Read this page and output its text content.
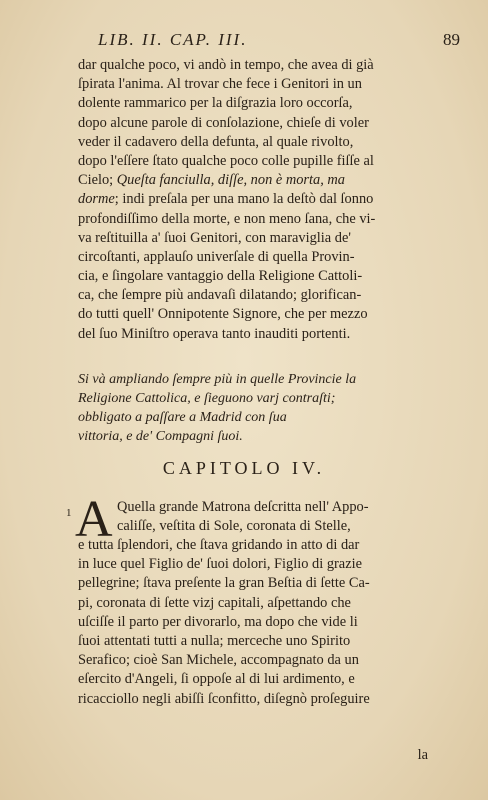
LIB. II. CAP. III.	89
dar qualche poco, vi andò in tempo, che avea di già
ſpirata l'anima. Al trovar che fece i Genitori in un
dolente rammarico per la diſgrazia loro occorſa,
dopo alcune parole di conſolazione, chieſe di voler
veder il cadavero della defunta, al quale rivolto,
dopo l'eſſere ſtato qualche poco colle pupille fiſſe al
Cielo; Queſta fanciulla, diſſe, non è morta, ma
dorme; indi preſala per una mano la deſtò dal ſonno
profondiſſimo della morte, e non meno ſana, che vi-
va reſtituilla a' ſuoi Genitori, con maraviglia de'
circoſtanti, applauſo univerſale di quella Provin-
cia, e ſingolare vantaggio della Religione Cattoli-
ca, che ſempre più andavaſi dilatando; glorifican-
do tutti quell' Onnipotente Signore, che per mezzo
del ſuo Miniſtro operava tanto inauditi portenti.
Si và ampliando ſempre più in quelle Provincie la
Religione Cattolica, e ſieguono varj contraſti;
obbligato a paſſare a Madrid con ſua
vittoria, e de' Compagni ſuoi.
CAPITOLO IV.
1 A Quella grande Matrona deſcritta nell' Appo-
caliſſe, veſtita di Sole, coronata di Stelle,
e tutta ſplendori, che ſtava gridando in atto di dar
in luce quel Figlio de' ſuoi dolori, Figlio di grazie
pellegrine; ſtava preſente la gran Beſtia di ſette Ca-
pi, coronata di ſette vizj capitali, aſpettando che
uſciſſe il parto per divorarlo, ma dopo che vide li
ſuoi attentati tutti a nulla; merceche uno Spirito
Serafico; cioè San Michele, accompagnato da un
eſercito d'Angeli, ſi oppoſe al di lui ardimento, e
ricacciollo negli abiſſi ſconfitto, diſegnò proſeguire
la
